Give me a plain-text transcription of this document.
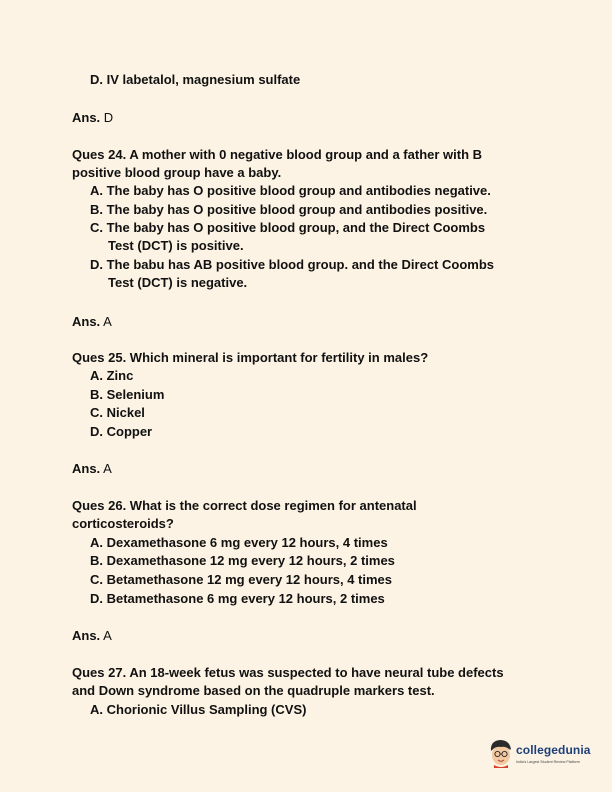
D. IV labetalol, magnesium sulfate
Ans. D
Ques 24. A mother with 0 negative blood group and a father with B
positive blood group have a baby.
A. The baby has O positive blood group and antibodies negative.
B. The baby has O positive blood group and antibodies positive.
C. The baby has O positive blood group, and the Direct Coombs
Test (DCT) is positive.
D. The babu has AB positive blood group. and the Direct Coombs
Test (DCT) is negative.
Ans. A
Ques 25. Which mineral is important for fertility in males?
A. Zinc
B. Selenium
C. Nickel
D. Copper
Ans. A
Ques 26. What is the correct dose regimen for antenatal
corticosteroids?
A. Dexamethasone 6 mg every 12 hours, 4 times
B. Dexamethasone 12 mg every 12 hours, 2 times
C. Betamethasone 12 mg every 12 hours, 4 times
D. Betamethasone 6 mg every 12 hours, 2 times
Ans. A
Ques 27. An 18-week fetus was suspected to have neural tube defects
and Down syndrome based on the quadruple markers test.
A. Chorionic Villus Sampling (CVS)
collegedunia
India's Largest Student Review Platform
